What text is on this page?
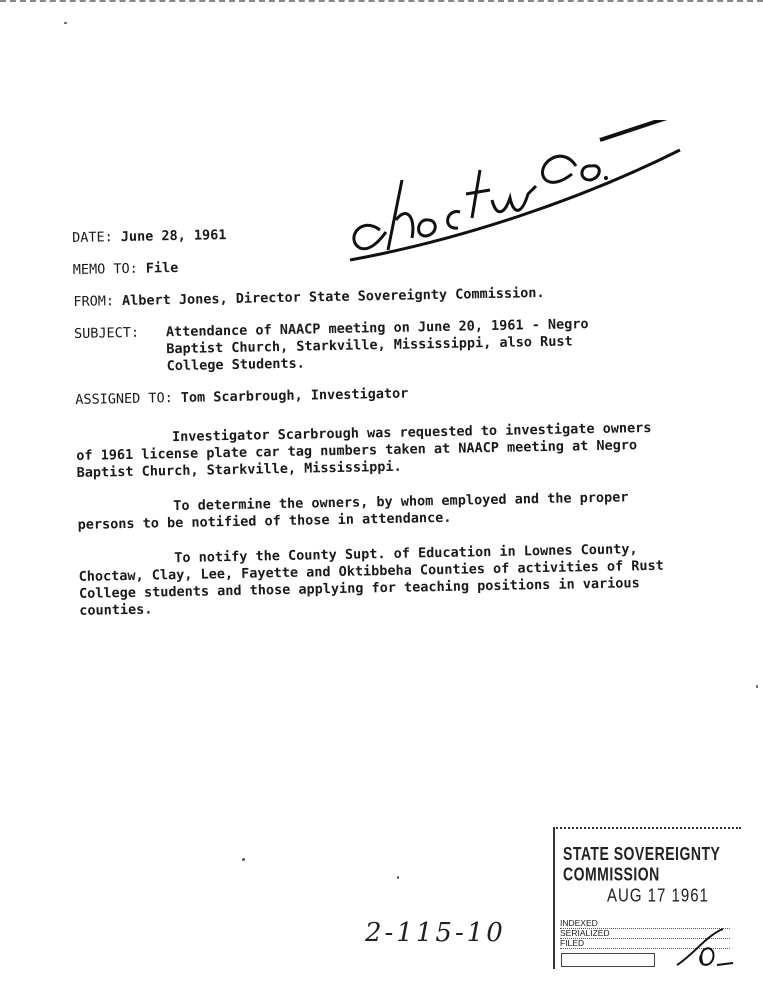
DATE: June 28, 1961
MEMO TO: File
FROM: Albert Jones, Director State Sovereignty Commission.
SUBJECT:	Attendance of NAACP meeting on June 20, 1961 - Negro
Baptist Church, Starkville, Mississippi, also Rust
College Students.
ASSIGNED TO: Tom Scarbrough, Investigator

Investigator Scarbrough was requested to investigate owners of 1961 license plate car tag numbers taken at NAACP meeting at Negro Baptist Church, Starkville, Mississippi.

To determine the owners, by whom employed and the proper persons to be notified of those in attendance.

To notify the County Supt. of Education in Lownes County, Choctaw, Clay, Lee, Fayette and Oktibbeha Counties of activities of Rust College students and those applying for teaching positions in various counties.

2-115-10
STATE SOVEREIGNTY COMMISSION
AUG 17 1961
INDEXED
SERIALIZED
FILED
